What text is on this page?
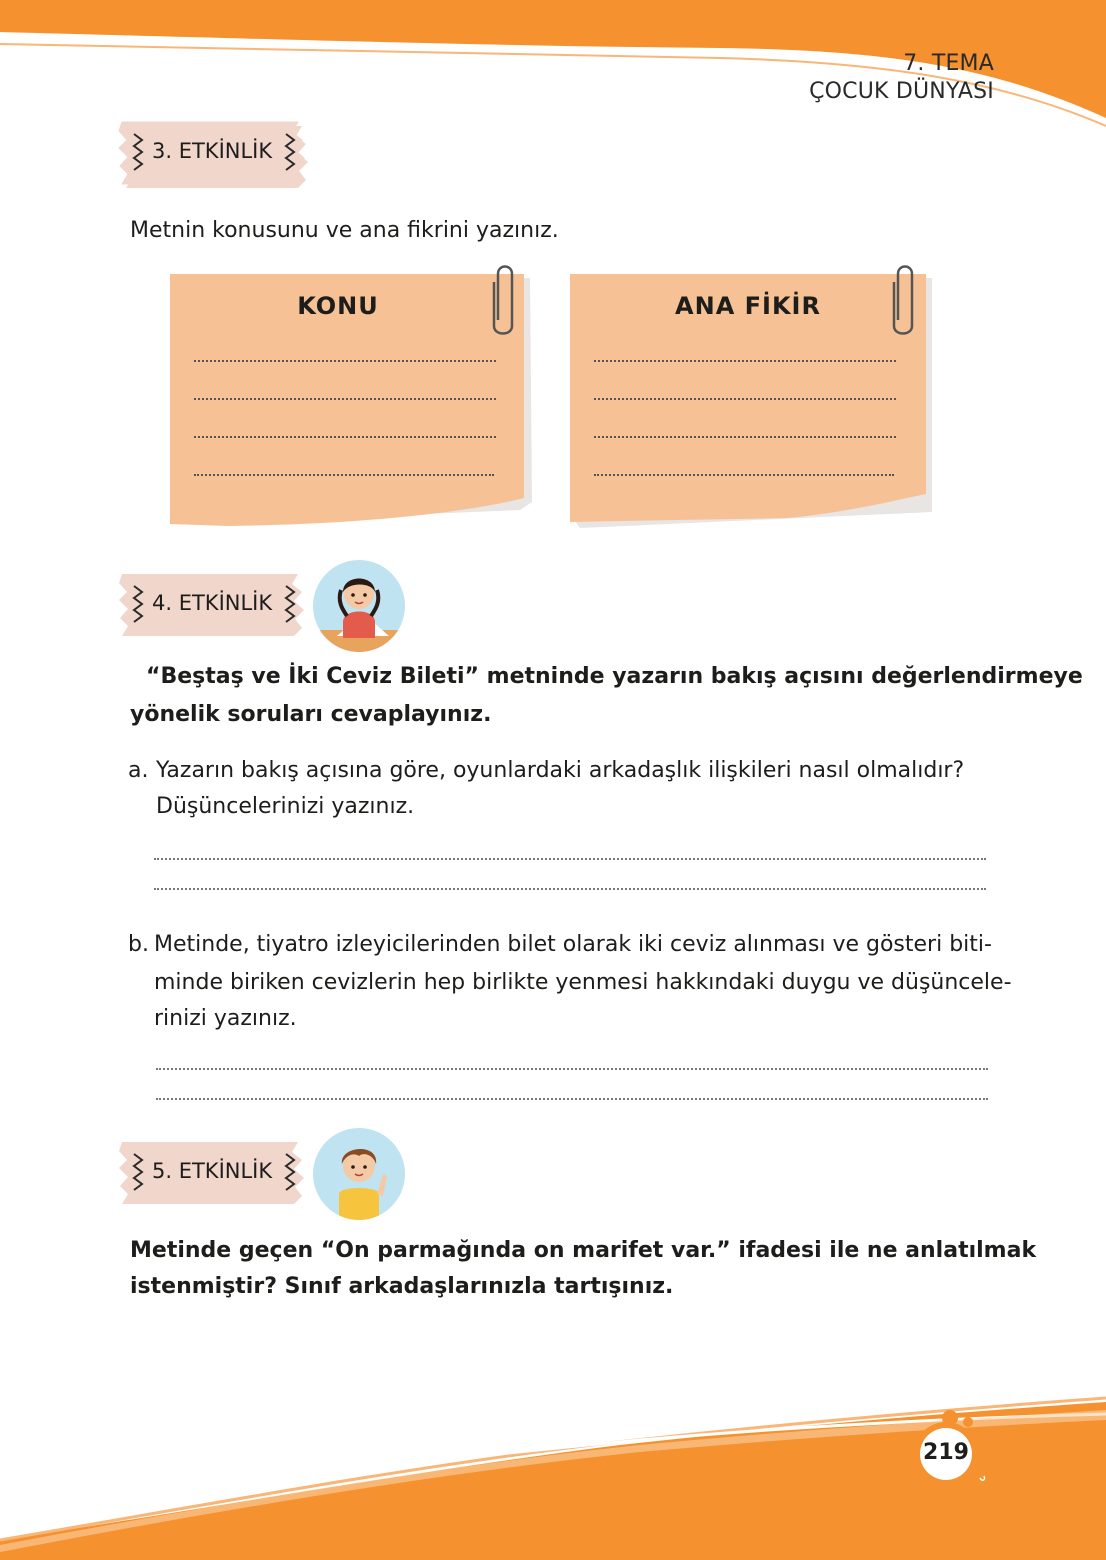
7. TEMA
ÇOCUK DÜNYASI
3. ETKİNLİK
Metnin konusunu ve ana fikrini yazınız.
KONU	ANA FİKİR
4. ETKİNLİK
“Beştaş ve İki Ceviz Bileti” metninde yazarın bakış açısını değerlendirmeye
yönelik soruları cevaplayınız.
a. Yazarın bakış açısına göre, oyunlardaki arkadaşlık ilişkileri nasıl olmalıdır?
Düşüncelerinizi yazınız.
b. Metinde, tiyatro izleyicilerinden bilet olarak iki ceviz alınması ve gösteri biti-
minde biriken cevizlerin hep birlikte yenmesi hakkındaki duygu ve düşüncele-
rinizi yazınız.
5. ETKİNLİK
Metinde geçen “On parmağında on marifet var.” ifadesi ile ne anlatılmak
istenmiştir? Sınıf arkadaşlarınızla tartışınız.
219
